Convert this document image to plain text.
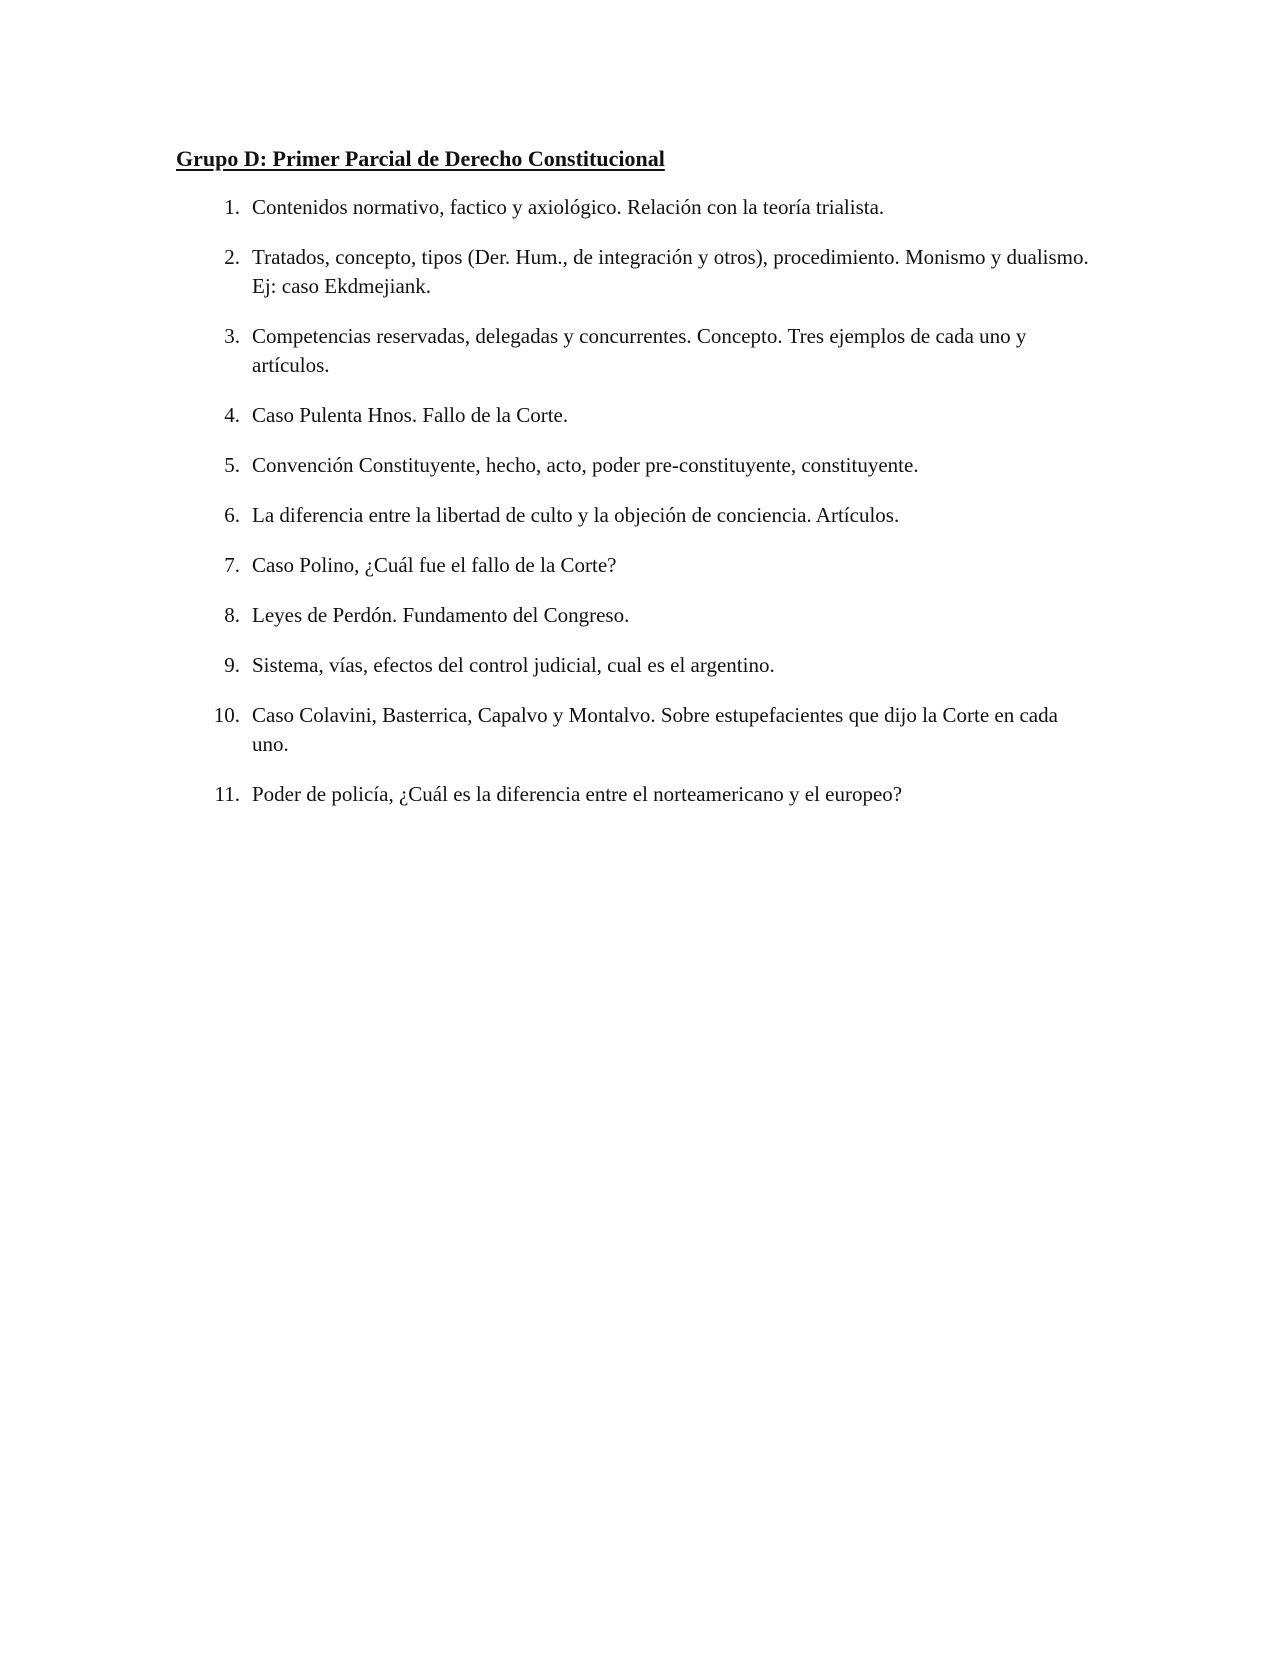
Grupo D: Primer Parcial de Derecho Constitucional
1. Contenidos normativo, factico y axiológico. Relación con la teoría trialista.
2. Tratados, concepto, tipos (Der. Hum., de integración y otros), procedimiento. Monismo y dualismo. Ej: caso Ekdmejiank.
3. Competencias reservadas, delegadas y concurrentes. Concepto. Tres ejemplos de cada uno y artículos.
4. Caso Pulenta Hnos. Fallo de la Corte.
5. Convención Constituyente, hecho, acto, poder pre-constituyente, constituyente.
6. La diferencia entre la libertad de culto y la objeción de conciencia. Artículos.
7. Caso Polino, ¿Cuál fue el fallo de la Corte?
8. Leyes de Perdón. Fundamento del Congreso.
9. Sistema, vías, efectos del control judicial, cual es el argentino.
10. Caso Colavini, Basterrica, Capalvo y Montalvo. Sobre estupefacientes que dijo la Corte en cada uno.
11. Poder de policía, ¿Cuál es la diferencia entre el norteamericano y el europeo?
